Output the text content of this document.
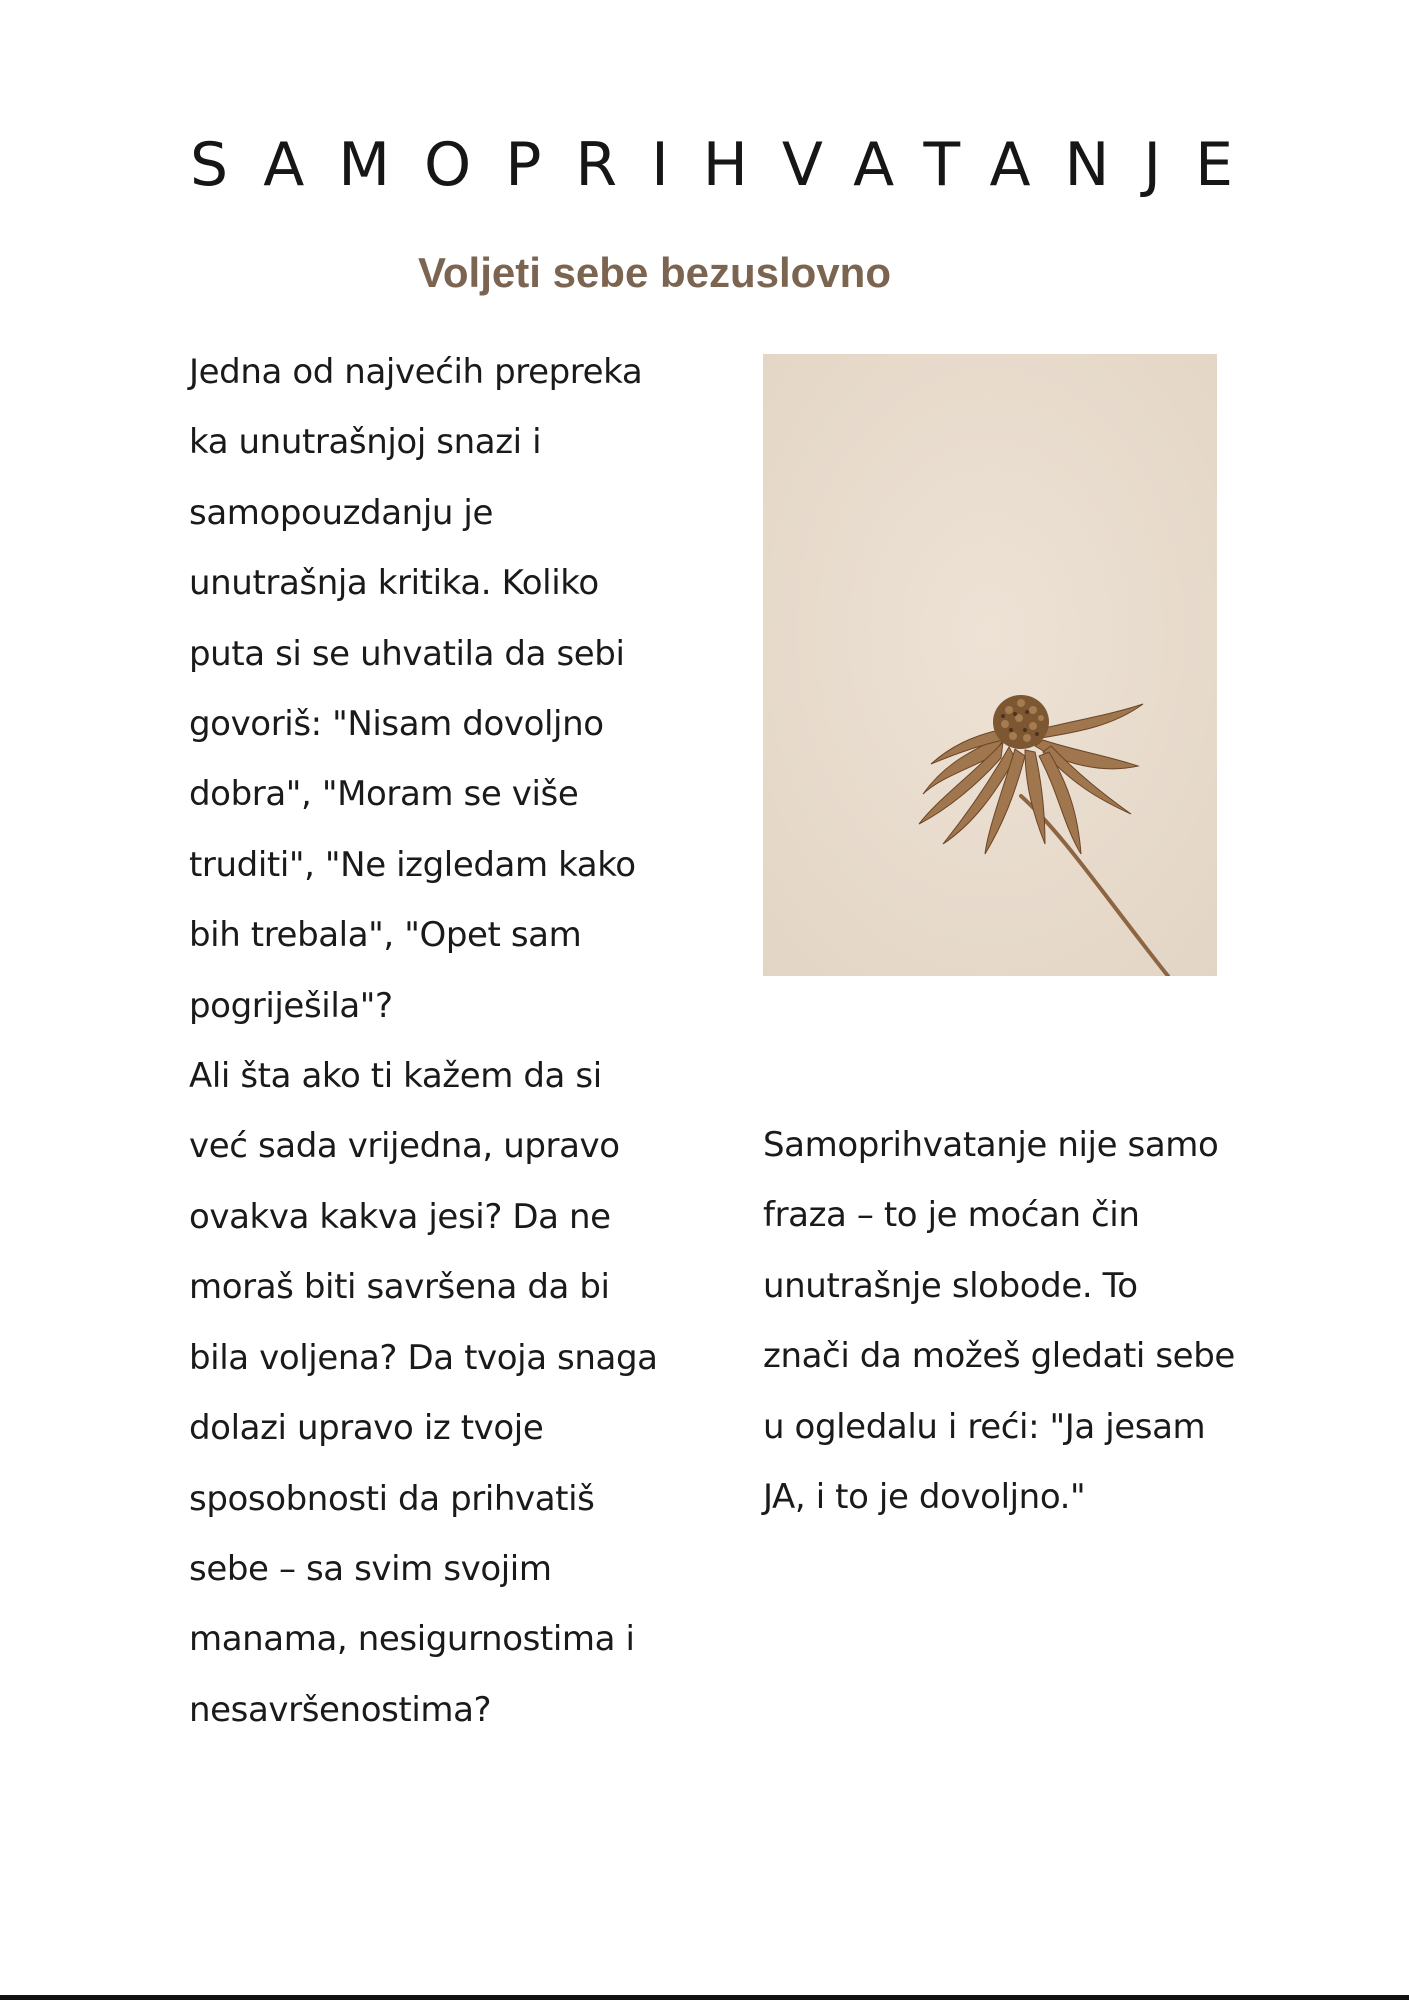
SAMOPRIHVATANJE
Voljeti sebe bezuslovno
Jedna od najvećih prepreka
ka unutrašnjoj snazi i
samopouzdanju je
unutrašnja kritika. Koliko
puta si se uhvatila da sebi
govoriš: "Nisam dovoljno
dobra", "Moram se više
truditi", "Ne izgledam kako
bih trebala", "Opet sam
pogriješila"?
Ali šta ako ti kažem da si
već sada vrijedna, upravo
ovakva kakva jesi? Da ne
moraš biti savršena da bi
bila voljena? Da tvoja snaga
dolazi upravo iz tvoje
sposobnosti da prihvatiš
sebe – sa svim svojim
manama, nesigurnostima i
nesavršenostima?
Samoprihvatanje nije samo
fraza – to je moćan čin
unutrašnje slobode. To
znači da možeš gledati sebe
u ogledalu i reći: "Ja jesam
JA, i to je dovoljno."
